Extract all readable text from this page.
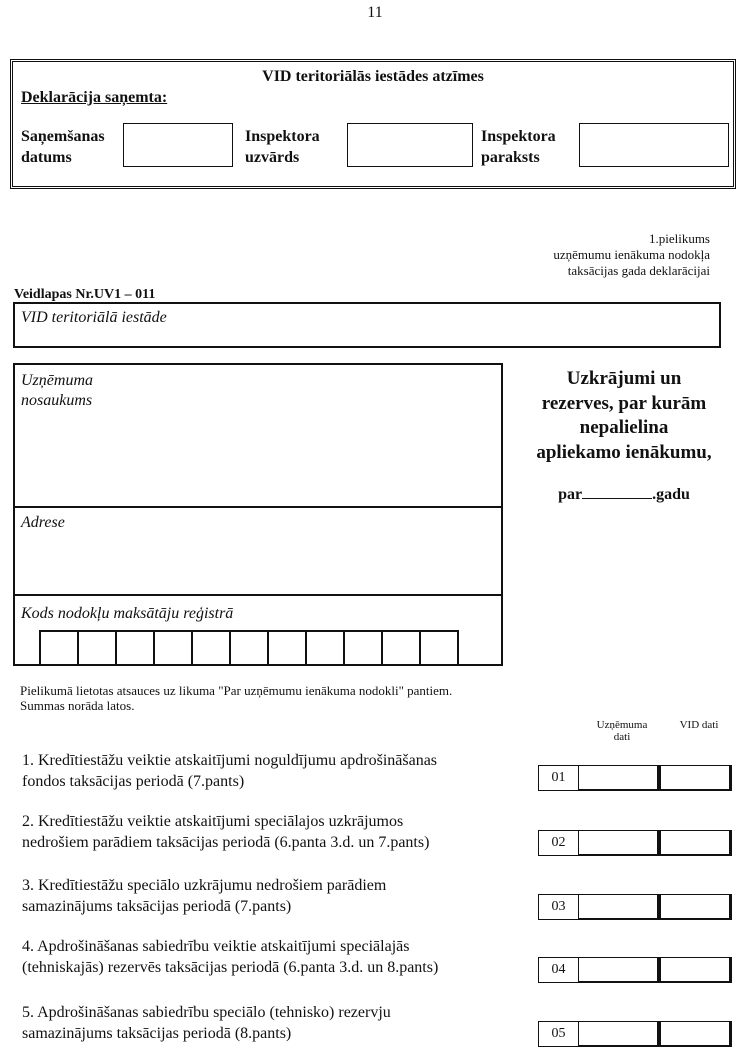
11
VID teritoriālās iestādes atzīmes
Deklarācija saņemta:
Saņemšanas
datums
Inspektora
uzvārds
Inspektora
paraksts
1.pielikums
uzņēmumu ienākuma nodokļa
taksācijas gada deklarācijai
Veidlapas Nr.UV1 – 011
VID teritoriālā iestāde
Uzņēmuma
nosaukums
Adrese
Kods nodokļu maksātāju reģistrā
Uzkrājumi un
rezerves, par kurām
nepalielina
apliekamo ienākumu,
par	.gadu
Pielikumā lietotas atsauces uz likuma "Par uzņēmumu ienākuma nodokli" pantiem.
Summas norāda latos.
Uzņēmuma
dati
VID dati
1. Kredītiestāžu veiktie atskaitījumi noguldījumu apdrošināšanas
fondos taksācijas periodā (7.pants)	01
2. Kredītiestāžu veiktie atskaitījumi speciālajos uzkrājumos
nedrošiem parādiem taksācijas periodā (6.panta 3.d. un 7.pants)	02
3. Kredītiestāžu speciālo uzkrājumu nedrošiem parādiem
samazinājums taksācijas periodā (7.pants)	03
4. Apdrošināšanas sabiedrību veiktie atskaitījumi speciālajās
(tehniskajās) rezervēs taksācijas periodā (6.panta 3.d. un 8.pants)	04
5. Apdrošināšanas sabiedrību speciālo (tehnisko) rezervju
samazinājums taksācijas periodā (8.pants)	05
